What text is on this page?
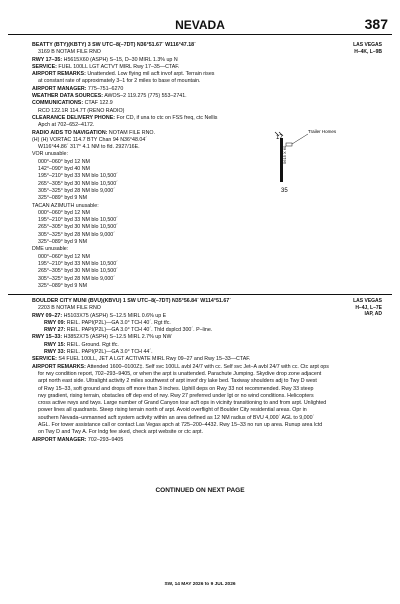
NEVADA	387
LAS VEGAS
H–4K, L–9B
BEATTY (BTY)(KBTY) 3 SW UTC–8(–7DT) N36°51.67´ W116°47.18´
3169 B NOTAM FILE RNO
RWY 17–35: H5615X60 (ASPH) S–15, D–30 MIRL 1.3% up N
SERVICE: FUEL 100LL LGT ACTVT MIRL Rwy 17–35—CTAF.
AIRPORT REMARKS: Unattended. Low flying mil acft invof arpt. Terrain rises
at constant rate of approximately 3–1 for 2 miles to base of mountain.
AIRPORT MANAGER: 775–751–6270
WEATHER DATA SOURCES: AWOS–2 119.275 (775) 553–2741.
COMMUNICATIONS: CTAF 122.9
RCO 122.1R 114.7T (RENO RADIO)
CLEARANCE DELIVERY PHONE: For CD, if una to ctc on FSS freq, ctc Nellis
Apch at 702–652–4172.
RADIO AIDS TO NAVIGATION: NOTAM FILE RNO.
(H) (H) VORTAC 114.7 BTY Chan 94 N36°48.04´
W116°44.86´ 317° 4.1 NM to fld. 2927/16E.
VOR unusable:
000°–060° byd 12 NM
142°–090° byd 40 NM
195°–210° byd 33 NM blo 10,500´
265°–305° byd 30 NM blo 10,500´
305°–325° byd 28 NM blo 9,000´
325°–089° byd 9 NM
TACAN AZIMUTH unusable:
000°–060° byd 12 NM
195°–210° byd 33 NM blo 10,500´
265°–305° byd 30 NM blo 10,500´
305°–325° byd 28 NM blo 9,000´
325°–089° byd 9 NM
DME unusable:
000°–060° byd 12 NM
195°–210° byd 33 NM blo 10,500´
265°–305° byd 30 NM blo 10,500´
305°–325° byd 28 NM blo 9,000´
325°–089° byd 9 NM
17
35
5615 X 60
Trailer Homes
LAS VEGAS
H–4J, L–7E
IAP, AD
BOULDER CITY MUNI (BVU)(KBVU) 1 SW UTC–8(–7DT) N35°56.84´ W114°51.67´
2203 B NOTAM FILE RNO
RWY 09–27: H5103X75 (ASPH) S–12.5 MIRL 0.6% up E
RWY 09: REIL. PAPI(P2L)—GA 3.0° TCH 40´. Rgt tfc.
RWY 27: REIL. PAPI(P2L)—GA 3.0° TCH 40´. Thld dsplcd 300´. P–line.
RWY 15–33: H3852X75 (ASPH) S–12.5 MIRL 2.7% up NW
RWY 15: REIL. Ground. Rgt tfc.
RWY 33: REIL. PAPI(P2L)—GA 3.0° TCH 44´.
SERVICE: S4 FUEL 100LL, JET A LGT ACTIVATE MIRL Rwy 09–27 and Rwy 15–33—CTAF.
AIRPORT REMARKS: Attended 1600–0100Z‡. Self svc 100LL avbl 24/7 with cc. Self svc Jet–A avbl 24/7 with cc. Ctc arpt ops
for rwy condition report, 702–293–9405, or when the arpt is unattended. Parachute Jumping. Skydive drop zone adjacent
arpt north east side. Ultralight activity 2 miles southwest of arpt invof dry lake bed. Taxiway shoulders adj to Twy D west
of Rwy 15–33, soft ground and drops off more than 3 inches. Uphill deps on Rwy 33 not recommended. Rwy 33 steep
rwy gradient, rising terrain, obstacles off dep end of rwy. Rwy 27 preferred under lgt or no wind conditions. Helicopters
cross active rwys and twys. Large number of Grand Canyon tour acft ops in vicinity transitioning to and from arpt. Unlighted
power lines all quadrants. Steep rising terrain north of arpt. Avoid overflight of Boulder City residential areas. Opr in
southern Nevada–unmanned acft system activity within an area defined as 12 NM radius of BVU 4,000´ AGL to 9,000´
AGL. For tower assistance call or contact Las Vegas apch at 725–200–4432. Rwy 15–33 no run up area. Runup area lctd
on Twy D and Twy A. For lndg fee sked, check arpt website or ctc arpt.
AIRPORT MANAGER: 702–293–9405
CONTINUED ON NEXT PAGE
SW, 14 MAY 2026 to 9 JUL 2026
